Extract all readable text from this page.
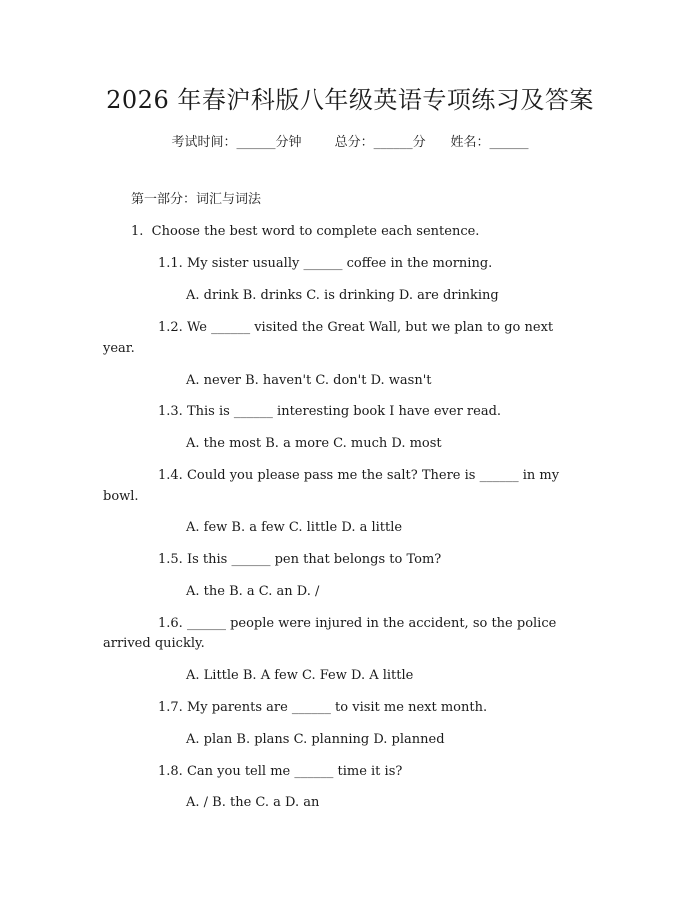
2026 年春沪科版八年级英语专项练习及答案
考试时间：______分钟	总分：______分 姓名：______
第一部分：词汇与词法
1.  Choose the best word to complete each sentence.
1.1. My sister usually ______ coffee in the morning.
A. drink B. drinks C. is drinking D. are drinking
1.2. We ______ visited the Great Wall, but we plan to go next
year.
A. never B. haven't C. don't D. wasn't
1.3. This is ______ interesting book I have ever read.
A. the most B. a more C. much D. most
1.4. Could you please pass me the salt? There is ______ in my
bowl.
A. few B. a few C. little D. a little
1.5. Is this ______ pen that belongs to Tom?
A. the B. a C. an D. /
1.6. ______ people were injured in the accident, so the police
arrived quickly.
A. Little B. A few C. Few D. A little
1.7. My parents are ______ to visit me next month.
A. plan B. plans C. planning D. planned
1.8. Can you tell me ______ time it is?
A. / B. the C. a D. an
